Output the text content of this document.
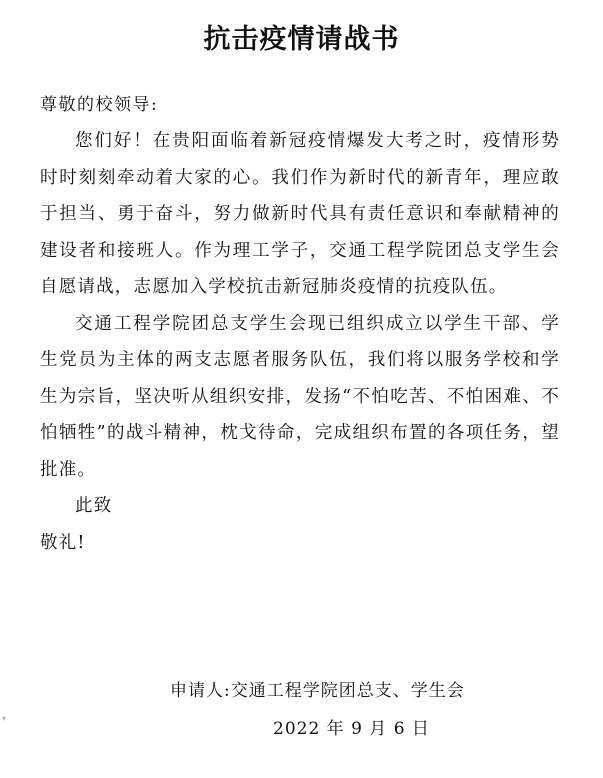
抗击疫情请战书
尊敬的校领导:

您们好！在贵阳面临着新冠疫情爆发大考之时，疫情形势时时刻刻牵动着大家的心。我们作为新时代的新青年，理应敢于担当、勇于奋斗，努力做新时代具有责任意识和奉献精神的建设者和接班人。作为理工学子，交通工程学院团总支学生会自愿请战，志愿加入学校抗击新冠肺炎疫情的抗疫队伍。

交通工程学院团总支学生会现已组织成立以学生干部、学生党员为主体的两支志愿者服务队伍，我们将以服务学校和学生为宗旨，坚决听从组织安排，发扬“不怕吃苦、不怕困难、不怕牺牲”的战斗精神，枕戈待命，完成组织布置的各项任务，望批准。

此致

敬礼!

申请人:交通工程学院团总支、学生会
2022 年 9 月 6 日
▾
